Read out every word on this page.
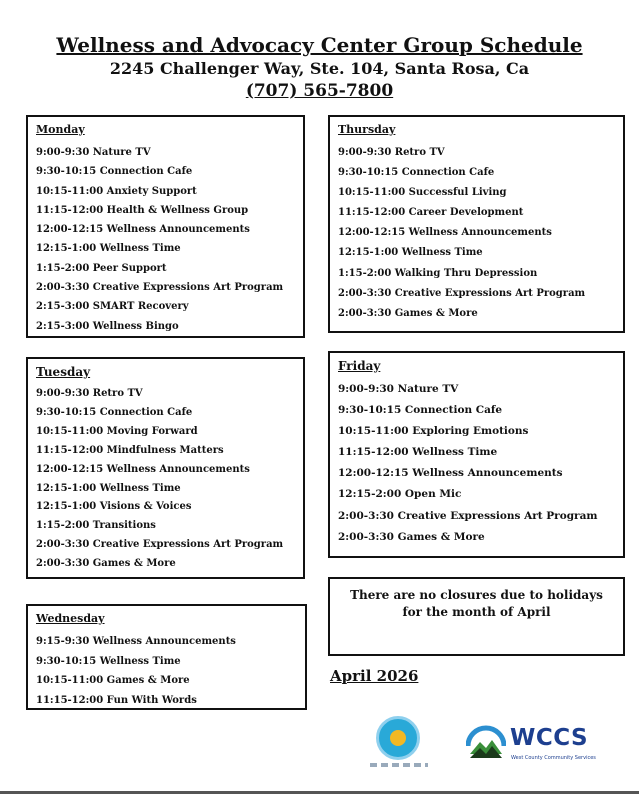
Wellness and Advocacy Center Group Schedule

2245 Challenger Way, Ste. 104, Santa Rosa, Ca

(707) 565-7800

Monday

9:00-9:30 Nature TV

9:30-10:15 Connection Cafe

10:15-11:00 Anxiety Support

11:15-12:00 Health & Wellness Group

12:00-12:15 Wellness Announcements

12:15-1:00 Wellness Time

1:15-2:00 Peer Support

2:00-3:30 Creative Expressions Art Program

2:15-3:00 SMART Recovery

2:15-3:00 Wellness Bingo

Thursday

9:00-9:30 Retro TV

9:30-10:15 Connection Cafe

10:15-11:00 Successful Living

11:15-12:00 Career Development

12:00-12:15 Wellness Announcements

12:15-1:00 Wellness Time

1:15-2:00 Walking Thru Depression

2:00-3:30 Creative Expressions Art Program

2:00-3:30 Games & More

Tuesday

9:00-9:30 Retro TV

9:30-10:15 Connection Cafe

10:15-11:00 Moving Forward

11:15-12:00 Mindfulness Matters

12:00-12:15 Wellness Announcements

12:15-1:00 Wellness Time

12:15-1:00 Visions & Voices

1:15-2:00 Transitions

2:00-3:30 Creative Expressions Art Program

2:00-3:30 Games & More

Friday

9:00-9:30 Nature TV

9:30-10:15 Connection Cafe

10:15-11:00 Exploring Emotions

11:15-12:00 Wellness Time

12:00-12:15 Wellness Announcements

12:15-2:00 Open Mic

2:00-3:30 Creative Expressions Art Program

2:00-3:30 Games & More

Wednesday

9:15-9:30 Wellness Announcements

9:30-10:15 Wellness Time

10:15-11:00 Games & More

11:15-12:00 Fun With Words

There are no closures due to holidays for the month of April

April 2026

WCCS
West County Community Services
